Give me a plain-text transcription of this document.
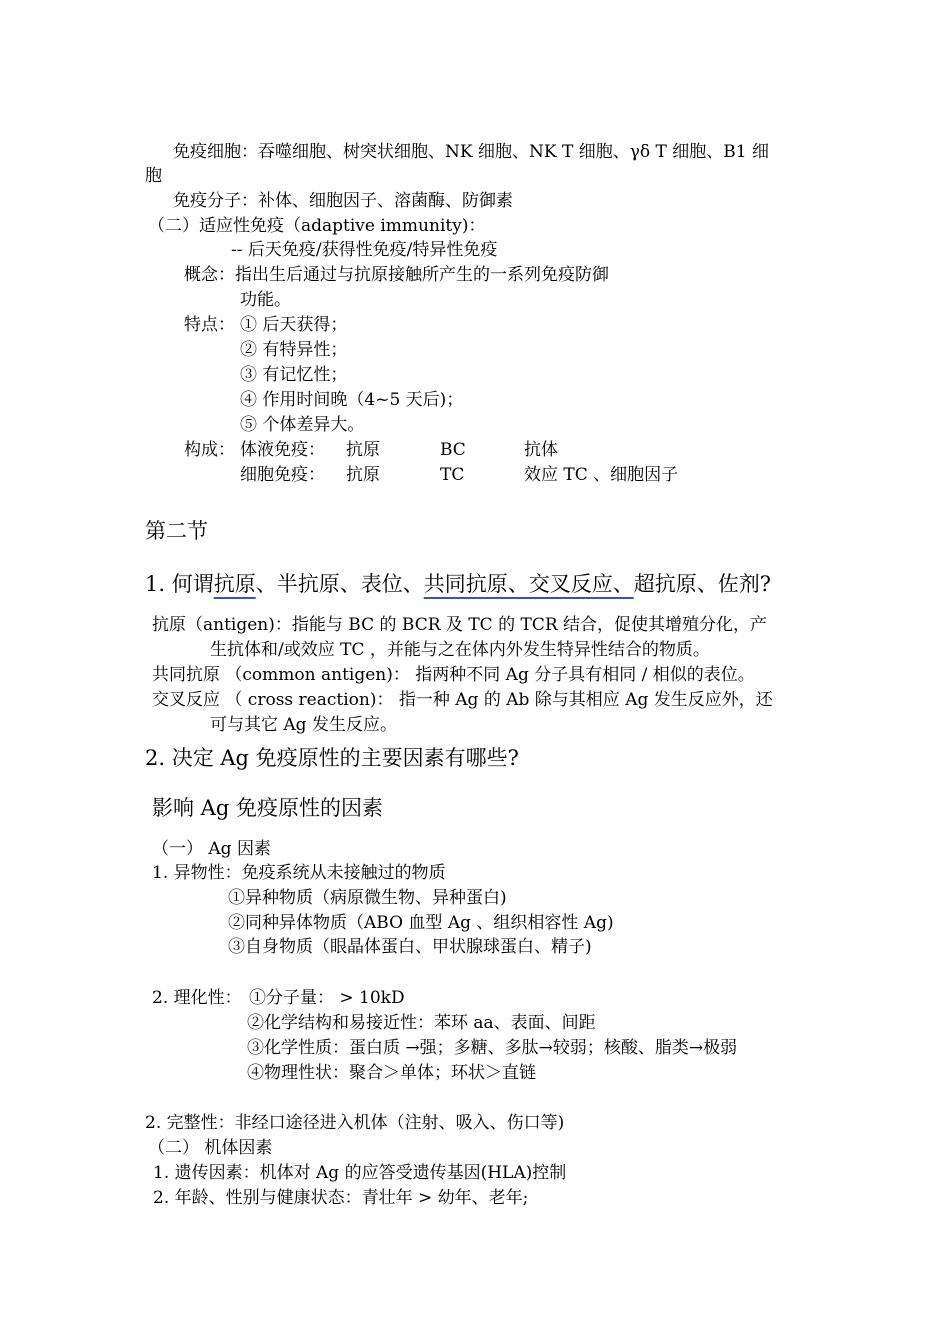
免疫细胞：吞噬细胞、树突状细胞、NK 细胞、NK T 细胞、γδ T 细胞、B1 细
胞
免疫分子：补体、细胞因子、溶菌酶、防御素
（二）适应性免疫（adaptive immunity)：
-- 后天免疫/获得性免疫/特异性免疫
概念：指出生后通过与抗原接触所产生的一系列免疫防御
功能。
特点： ① 后天获得；
② 有特异性；
③ 有记忆性；
④ 作用时间晚（4~5 天后)；
⑤ 个体差异大。
构成： 体液免疫： 抗原	BC	抗体
细胞免疫： 抗原	TC	效应 TC 、细胞因子
第二节
1. 何谓抗原、半抗原、表位、共同抗原、交叉反应、超抗原、佐剂?
抗原（antigen)：指能与 BC 的 BCR 及 TC 的 TCR 结合，促使其增殖分化，产
生抗体和/或效应 TC ，并能与之在体内外发生特异性结合的物质。
共同抗原 （common antigen)： 指两种不同 Ag 分子具有相同 / 相似的表位。
交叉反应 （ cross reaction)： 指一种 Ag 的 Ab 除与其相应 Ag 发生反应外，还
可与其它 Ag 发生反应。
2. 决定 Ag 免疫原性的主要因素有哪些?
影响 Ag 免疫原性的因素
（一） Ag 因素
1. 异物性：免疫系统从未接触过的物质
①异种物质（病原微生物、异种蛋白)
②同种异体物质（ABO 血型 Ag 、组织相容性 Ag)
③自身物质（眼晶体蛋白、甲状腺球蛋白、精子)
2. 理化性： ①分子量： > 10kD
②化学结构和易接近性：苯环 aa、表面、间距
③化学性质：蛋白质 →强；多糖、多肽→较弱；核酸、脂类→极弱
④物理性状：聚合＞单体；环状＞直链
2. 完整性：非经口途径进入机体（注射、吸入、伤口等)
（二） 机体因素
1. 遗传因素：机体对 Ag 的应答受遗传基因(HLA)控制
2. 年龄、性别与健康状态：青壮年 > 幼年、老年;
